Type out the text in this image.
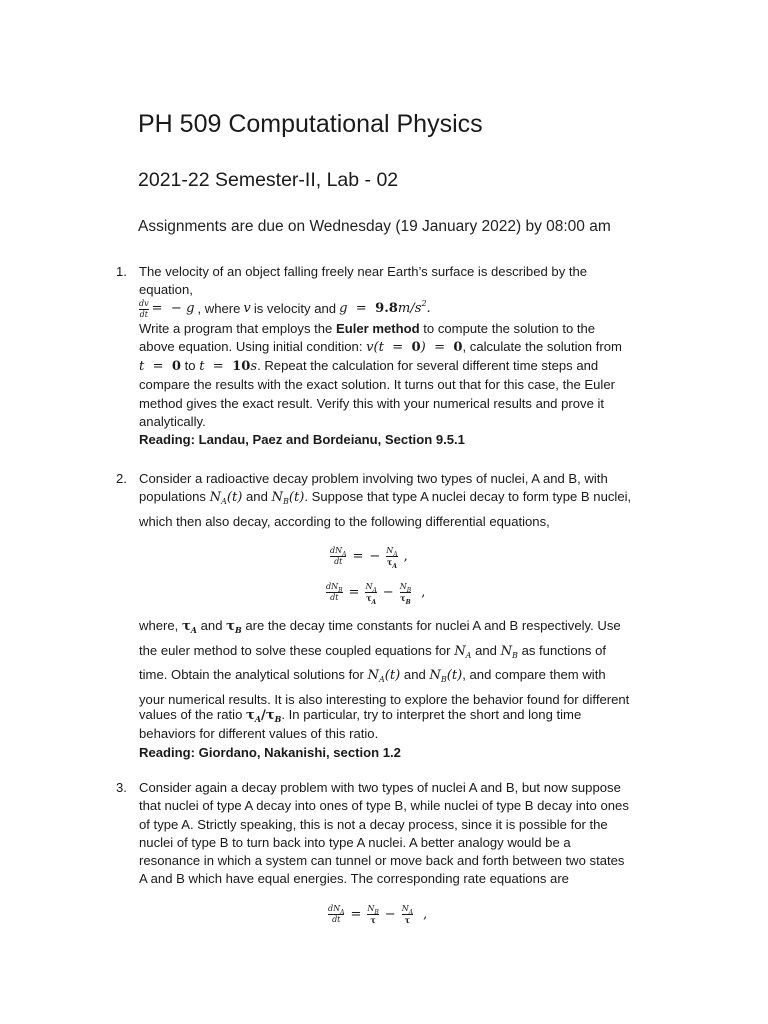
PH 509 Computational Physics
2021-22 Semester-II, Lab - 02

Assignments are due on Wednesday (19 January 2022) by 08:00 am

1. The velocity of an object falling freely near Earth’s surface is described by the
equation,
$\frac{dv}{dt}$ =  − g , where v is velocity and $g = 9.8m/s^2$.
Write a program that employs the Euler method to compute the solution to the
above equation. Using initial condition: v(t  =  0)  =  0, calculate the solution from
t  =  0 to t  =  10s. Repeat the calculation for several different time steps and
compare the results with the exact solution. It turns out that for this case, the Euler
method gives the exact result. Verify this with your numerical results and prove it
analytically.
Reading: Landau, Paez and Bordeianu, Section 9.5.1
2. Consider a radioactive decay problem involving two types of nuclei, A and B, with
populations $N_A(t)$ and $N_B(t)$. Suppose that type A nuclei decay to form type B nuclei,
which then also decay, according to the following differential equations,
$\frac{dN_A}{dt}$ = − $\frac{N_A}{\tau_A}$ ,
$\frac{dN_B}{dt} = \frac{N_A}{\tau_A} - \frac{N_B}{\tau_B}$ ,
where, $\tau_A$ and $\tau_B$ are the decay time constants for nuclei A and B respectively. Use
the euler method to solve these coupled equations for $N_A$ and $N_B$ as functions of
time. Obtain the analytical solutions for $N_A(t)$ and $N_B(t)$, and compare them with
your numerical results. It is also interesting to explore the behavior found for different
values of the ratio $\tau_A/\tau_B$. In particular, try to interpret the short and long time
behaviors for different values of this ratio.
Reading: Giordano, Nakanishi, section 1.2
3. Consider again a decay problem with two types of nuclei A and B, but now suppose
that nuclei of type A decay into ones of type B, while nuclei of type B decay into ones
of type A. Strictly speaking, this is not a decay process, since it is possible for the
nuclei of type B to turn back into type A nuclei. A better analogy would be a
resonance in which a system can tunnel or move back and forth between two states
A and B which have equal energies. The corresponding rate equations are
$\frac{dN_A}{dt} = \frac{N_B}{\tau} - \frac{N_A}{\tau}$ ,
